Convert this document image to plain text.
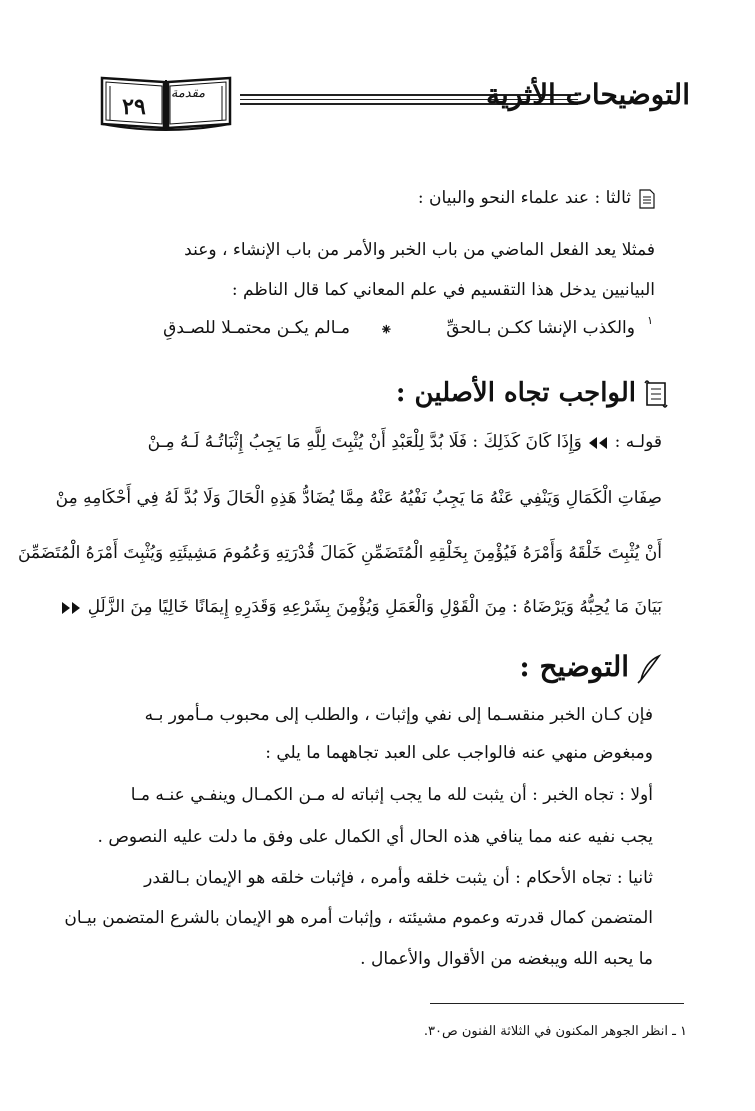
٢٩
مقدمة	التوضيحات الأثرية
ثالثا : عند علماء النحو والبيان :
فمثلا يعد الفعل الماضي من باب الخبر والأمر من باب الإنشاء ، وعند
البيانيين يدخل هذا التقسيم في علم المعاني كما قال الناظم :
والكذب الإنشا ككـن بـالحقِّ ١
⁕
مـالم يكـن محتمـلا للصـدقِ
الواجب تجاه الأصلين :
قولـه :  وَإِذَا كَانَ كَذَلِكَ : فَلَا بُدَّ لِلْعَبْدِ أَنْ يُثْبِتَ لِلَّهِ مَا يَجِبُ إِثْبَاتُـهُ لَـهُ مِـنْ
صِفَاتِ الْكَمَالِ وَيَنْفِي عَنْهُ مَا يَجِبُ نَفْيُهُ عَنْهُ مِمَّا يُضَادُّ هَذِهِ الْحَالَ وَلَا بُدَّ لَهُ فِي أَحْكَامِهِ مِنْ
أَنْ يُثْبِتَ خَلْقَهُ وَأَمْرَهُ فَيُؤْمِنَ بِخَلْقِهِ الْمُتَضَمِّنِ كَمَالَ قُدْرَتِهِ وَعُمُومَ مَشِيئَتِهِ وَيُثْبِتَ أَمْرَهُ الْمُتَضَمِّنَ
بَيَانَ مَا يُحِبُّهُ وَيَرْضَاهُ : مِنَ الْقَوْلِ وَالْعَمَلِ وَيُؤْمِنَ بِشَرْعِهِ وَقَدَرِهِ إِيمَانًا خَالِيًا مِنَ الزَّلَلِ
التوضيح :
فإن كـان الخبر منقسـما إلى نفي وإثبات ، والطلب إلى محبوب مـأمور بـه
ومبغوض منهي عنه فالواجب على العبد تجاههما ما يلي :
أولا : تجاه الخبر : أن يثبت لله ما يجب إثباته له مـن الكمـال وينفـي عنـه مـا
يجب نفيه عنه مما ينافي هذه الحال أي الكمال على وفق ما دلت عليه النصوص .
ثانيا : تجاه الأحكام : أن يثبت خلقه وأمره ، فإثبات خلقه هو الإيمان بـالقدر
المتضمن كمال قدرته وعموم مشيئته ، وإثبات أمره هو الإيمان بالشرع المتضمن بيـان
ما يحبه الله ويبغضه من الأقوال والأعمال .
١ ـ انظر الجوهر المكنون في الثلاثة الفنون ص٣٠.
